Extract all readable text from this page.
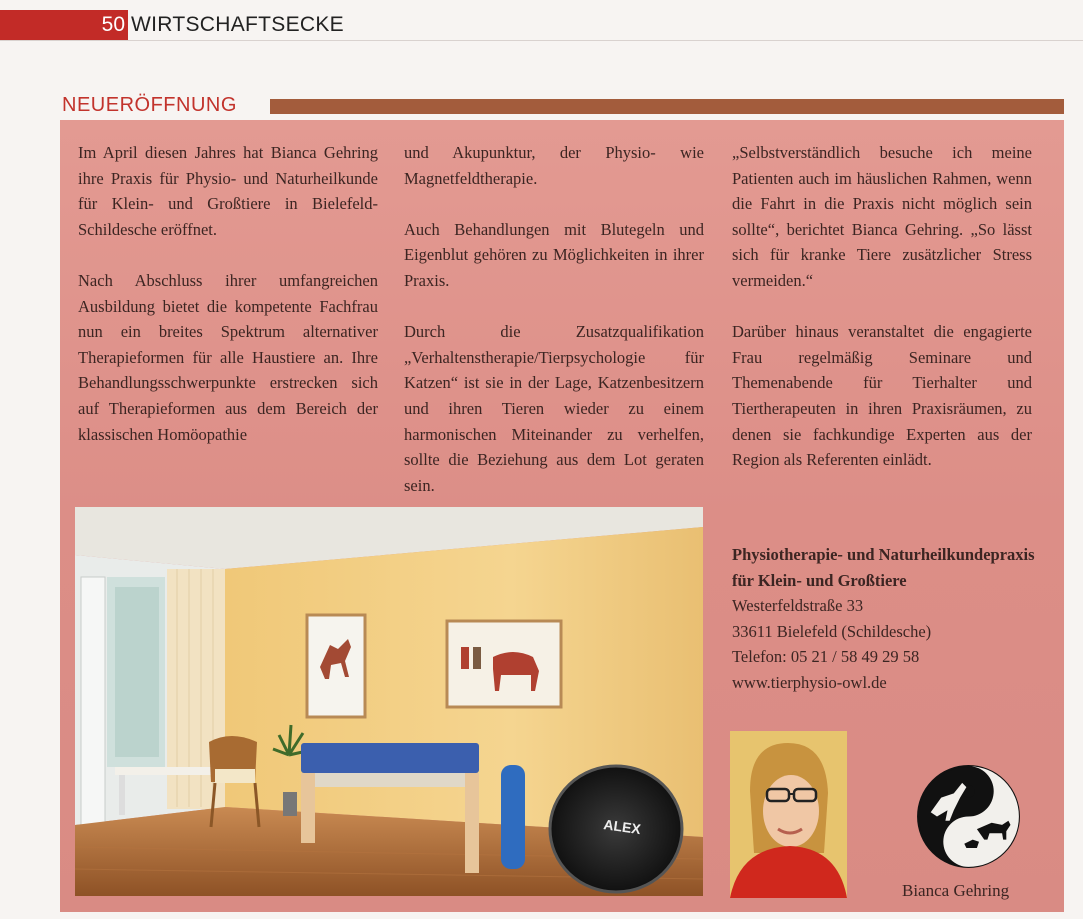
50 WIRTSCHAFTSECKE
NEUERÖFFNUNG

Im April diesen Jahres hat Bianca Gehring ihre Praxis für Physio- und Naturheilkunde für Klein- und Großtiere in Bielefeld-Schildesche eröffnet.

Nach Abschluss ihrer umfangreichen Ausbildung bietet die kompetente Fachfrau nun ein breites Spektrum alternativer Therapieformen für alle Haustiere an. Ihre Behandlungsschwerpunkte erstrecken sich auf Therapieformen aus dem Bereich der klassischen Homöopathie

und Akupunktur, der Physio- wie Magnetfeldtherapie.

Auch Behandlungen mit Blutegeln und Eigenblut gehören zu Möglichkeiten in ihrer Praxis.

Durch die Zusatzqualifikation „Verhaltenstherapie/Tierpsychologie für Katzen“ ist sie in der Lage, Katzenbesitzern und ihren Tieren wieder zu einem harmonischen Miteinander zu verhelfen, sollte die Beziehung aus dem Lot geraten sein.

„Selbstverständlich besuche ich meine Patienten auch im häuslichen Rahmen, wenn die Fahrt in die Praxis nicht möglich sein sollte“, berichtet Bianca Gehring. „So lässt sich für kranke Tiere zusätzlicher Stress vermeiden.“

Darüber hinaus veranstaltet die engagierte Frau regelmäßig Seminare und Themenabende für Tierhalter und Tiertherapeuten in ihren Praxisräumen, zu denen sie fachkundige Experten aus der Region als Referenten einlädt.

Physiotherapie- und Naturheilkundepraxis für Klein- und Großtiere
Westerfeldstraße 33
33611 Bielefeld (Schildesche)
Telefon: 05 21 / 58 49 29 58
www.tierphysio-owl.de
ALEX
Bianca Gehring
